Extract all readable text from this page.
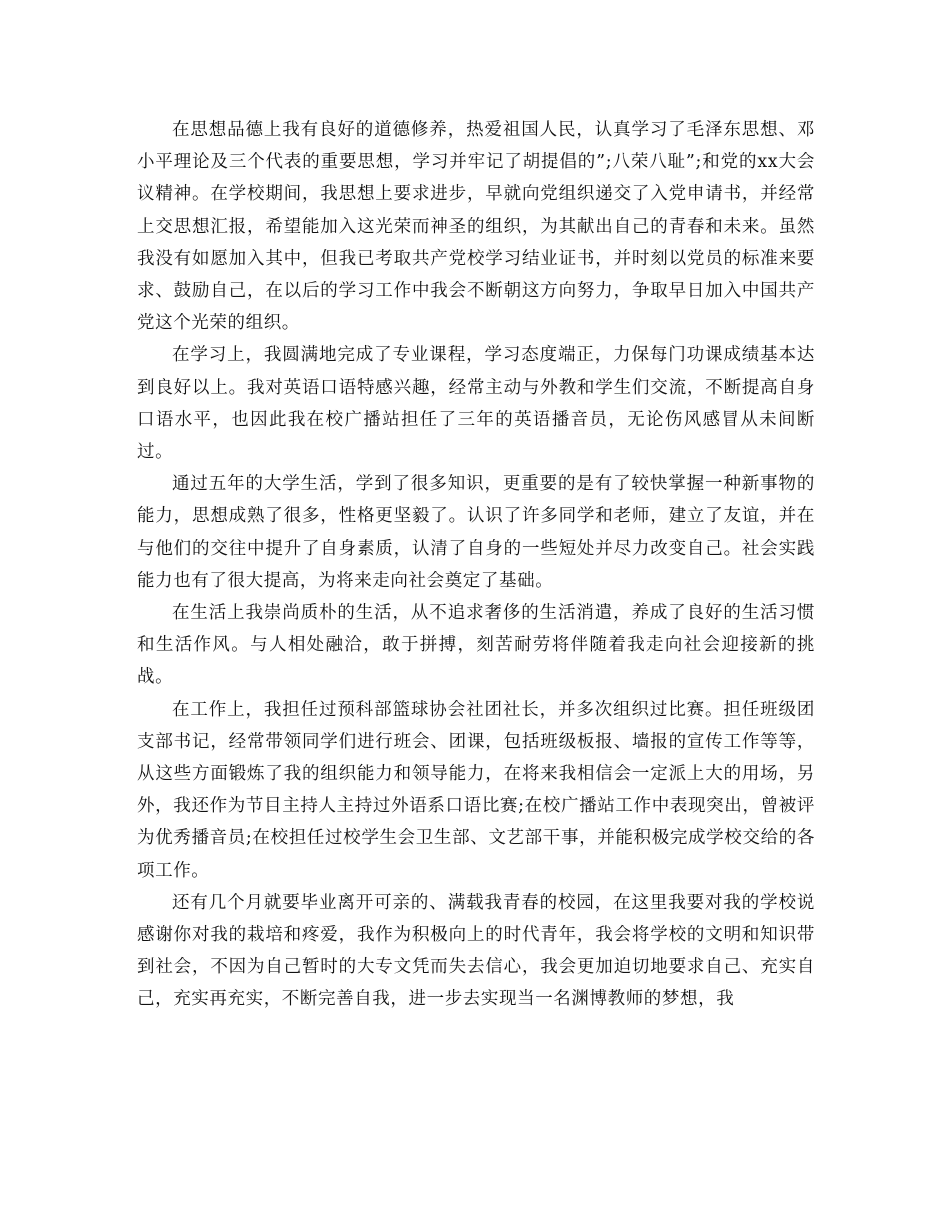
在思想品德上我有良好的道德修养，热爱祖国人民，认真学习了毛泽东思想、邓小平理论及三个代表的重要思想，学习并牢记了胡提倡的”;八荣八耻”;和党的xx大会议精神。在学校期间，我思想上要求进步，早就向党组织递交了入党申请书，并经常上交思想汇报，希望能加入这光荣而神圣的组织，为其献出自己的青春和未来。虽然我没有如愿加入其中，但我已考取共产党校学习结业证书，并时刻以党员的标准来要求、鼓励自己，在以后的学习工作中我会不断朝这方向努力，争取早日加入中国共产党这个光荣的组织。

在学习上，我圆满地完成了专业课程，学习态度端正，力保每门功课成绩基本达到良好以上。我对英语口语特感兴趣，经常主动与外教和学生们交流，不断提高自身口语水平，也因此我在校广播站担任了三年的英语播音员，无论伤风感冒从未间断过。

通过五年的大学生活，学到了很多知识，更重要的是有了较快掌握一种新事物的能力，思想成熟了很多，性格更坚毅了。认识了许多同学和老师，建立了友谊，并在与他们的交往中提升了自身素质，认清了自身的一些短处并尽力改变自己。社会实践能力也有了很大提高，为将来走向社会奠定了基础。

在生活上我崇尚质朴的生活，从不追求奢侈的生活消遣，养成了良好的生活习惯和生活作风。与人相处融洽，敢于拼搏，刻苦耐劳将伴随着我走向社会迎接新的挑战。

在工作上，我担任过预科部篮球协会社团社长，并多次组织过比赛。担任班级团支部书记，经常带领同学们进行班会、团课，包括班级板报、墙报的宣传工作等等，从这些方面锻炼了我的组织能力和领导能力，在将来我相信会一定派上大的用场，另外，我还作为节目主持人主持过外语系口语比赛;在校广播站工作中表现突出，曾被评为优秀播音员;在校担任过校学生会卫生部、文艺部干事，并能积极完成学校交给的各项工作。

还有几个月就要毕业离开可亲的、满载我青春的校园，在这里我要对我的学校说感谢你对我的栽培和疼爱，我作为积极向上的时代青年，我会将学校的文明和知识带到社会，不因为自己暂时的大专文凭而失去信心，我会更加迫切地要求自己、充实自己，充实再充实，不断完善自我，进一步去实现当一名渊博教师的梦想，我
